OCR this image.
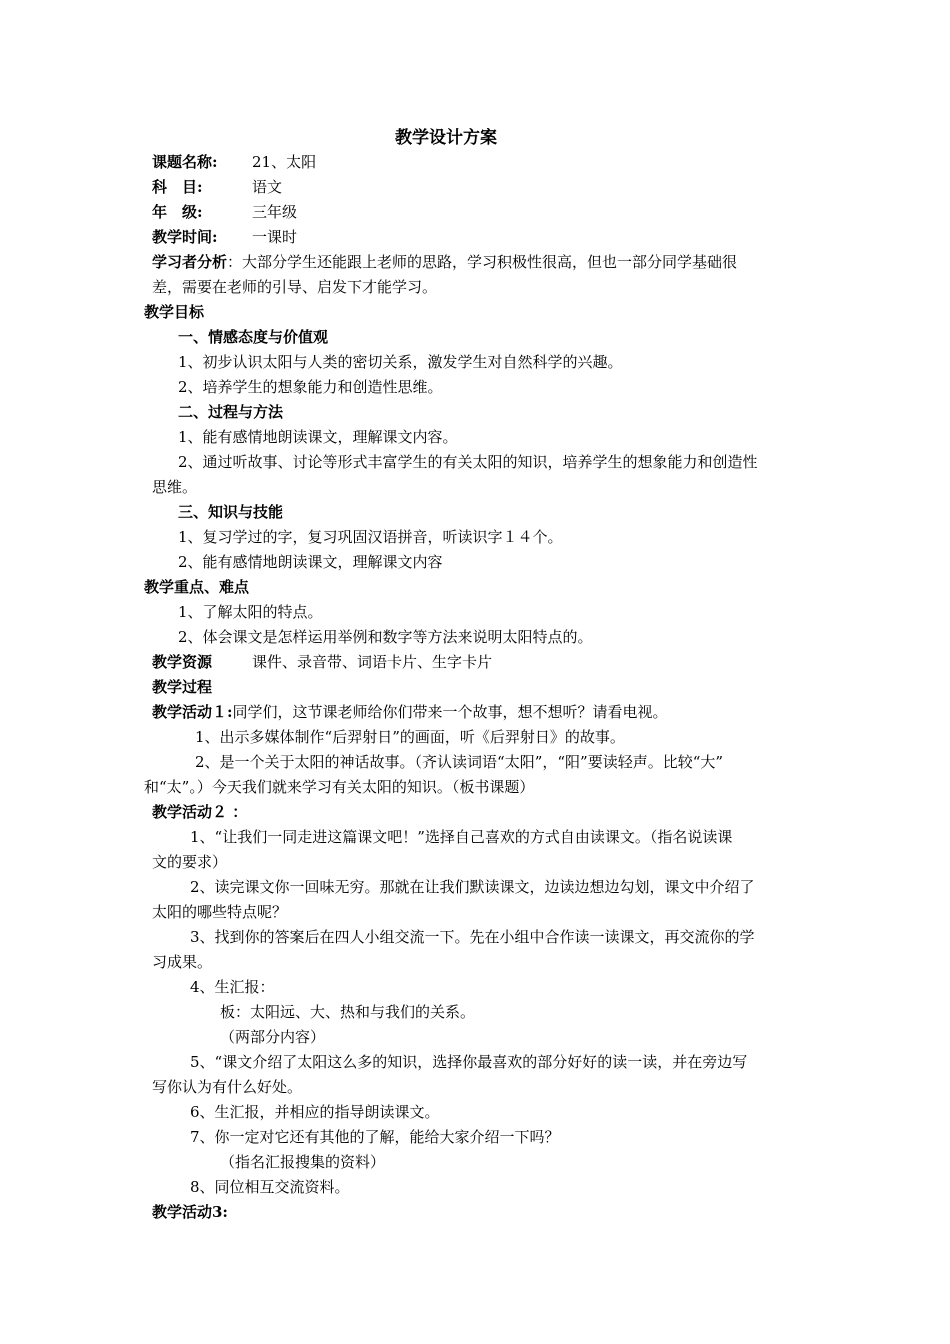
教学设计方案
课题名称: 21、太阳
科　目:	语文
年　级:	三年级
教学时间: 一课时
学习者分析：大部分学生还能跟上老师的思路，学习积极性很高，但也一部分同学基础很
差，需要在老师的引导、启发下才能学习。
教学目标
一、情感态度与价值观
1、初步认识太阳与人类的密切关系，激发学生对自然科学的兴趣。
2、培养学生的想象能力和创造性思维。
二、过程与方法
1、能有感情地朗读课文，理解课文内容。
2、通过听故事、讨论等形式丰富学生的有关太阳的知识，培养学生的想象能力和创造性
思维。
三、知识与技能
1、复习学过的字，复习巩固汉语拼音，听读识字１４个。
2、能有感情地朗读课文，理解课文内容
教学重点、难点
1、了解太阳的特点。
2、体会课文是怎样运用举例和数字等方法来说明太阳特点的。
教学资源	课件、录音带、词语卡片、生字卡片
教学过程
教学活动１:同学们，这节课老师给你们带来一个故事，想不想听？请看电视。
1、出示多媒体制作“后羿射日”的画面，听《后羿射日》的故事。
2、是一个关于太阳的神话故事。（齐认读词语“太阳”，“阳”要读轻声。比较“大”
和“太”。）今天我们就来学习有关太阳的知识。（板书课题）
教学活动２ ：
1、“让我们一同走进这篇课文吧！”选择自己喜欢的方式自由读课文。（指名说读课
文的要求）
2、读完课文你一回味无穷。那就在让我们默读课文，边读边想边勾划，课文中介绍了
太阳的哪些特点呢？
3、找到你的答案后在四人小组交流一下。先在小组中合作读一读课文，再交流你的学
习成果。
4、生汇报：
板：太阳远、大、热和与我们的关系。
（两部分内容）
5、“课文介绍了太阳这么多的知识，选择你最喜欢的部分好好的读一读，并在旁边写
写你认为有什么好处。
6、生汇报，并相应的指导朗读课文。
7、你一定对它还有其他的了解，能给大家介绍一下吗？
（指名汇报搜集的资料）
8、同位相互交流资料。
教学活动3:
